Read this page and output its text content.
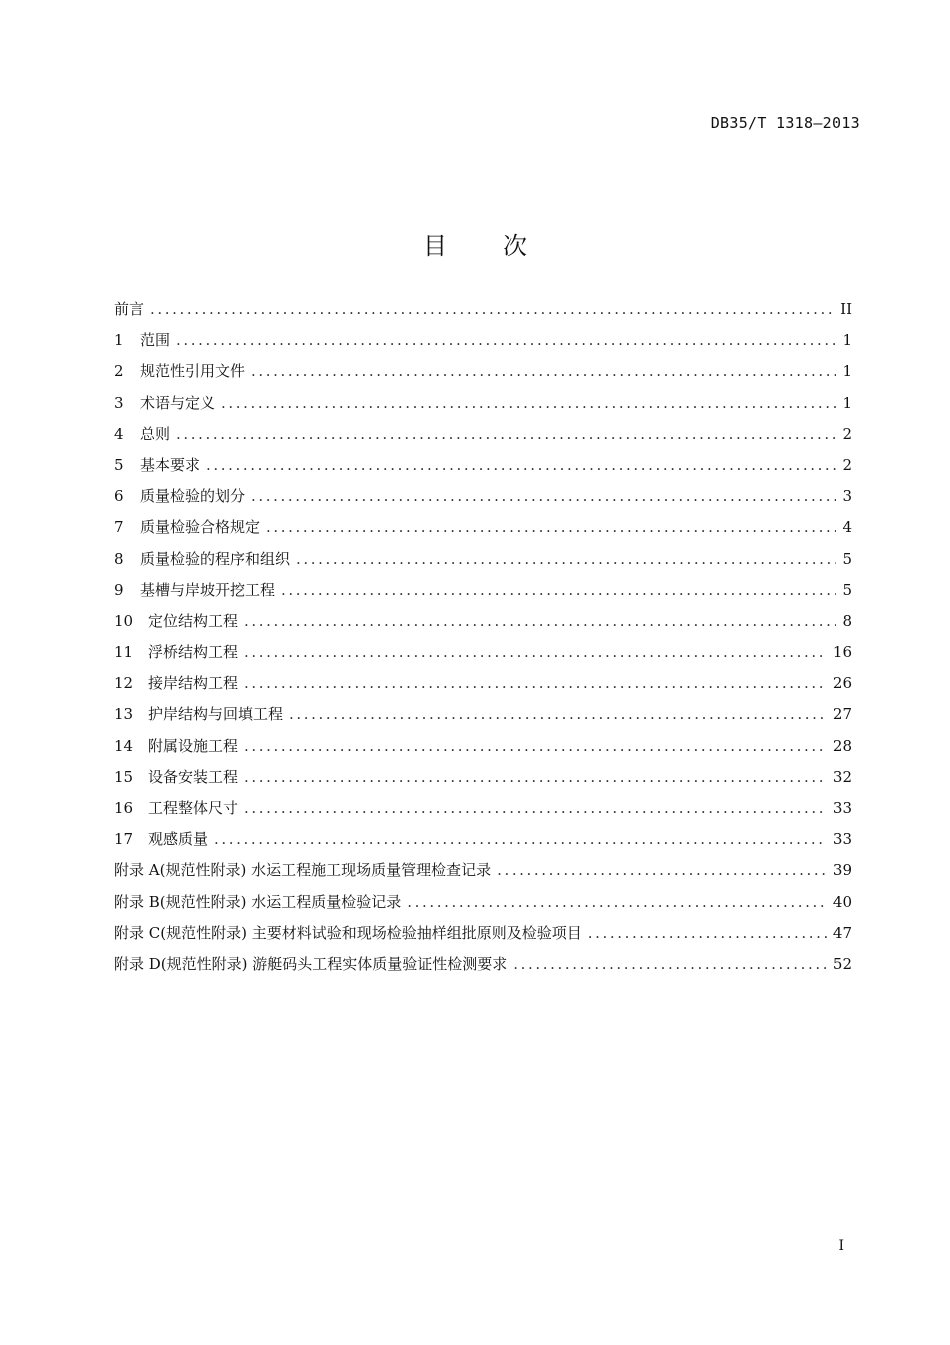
DB35/T 1318—2013
目 次
前言 .....	II
1	范围 .....	1
2	规范性引用文件 .....	1
3	术语与定义 .....	1
4	总则 .....	2
5	基本要求 .....	2
6	质量检验的划分 .....	3
7	质量检验合格规定 .....	4
8	质量检验的程序和组织 .....	5
9	基槽与岸坡开挖工程 .....	5
10 定位结构工程 .....	8
11 浮桥结构工程 .....	16
12 接岸结构工程 .....	26
13 护岸结构与回填工程 .....	27
14 附属设施工程 .....	28
15 设备安装工程 .....	32
16 工程整体尺寸 .....	33
17 观感质量 .....	33
附录 A(规范性附录) 水运工程施工现场质量管理检查记录 .....	39
附录 B(规范性附录) 水运工程质量检验记录 .....	40
附录 C(规范性附录) 主要材料试验和现场检验抽样组批原则及检验项目 .....	47
附录 D(规范性附录) 游艇码头工程实体质量验证性检测要求 .....	52
I
